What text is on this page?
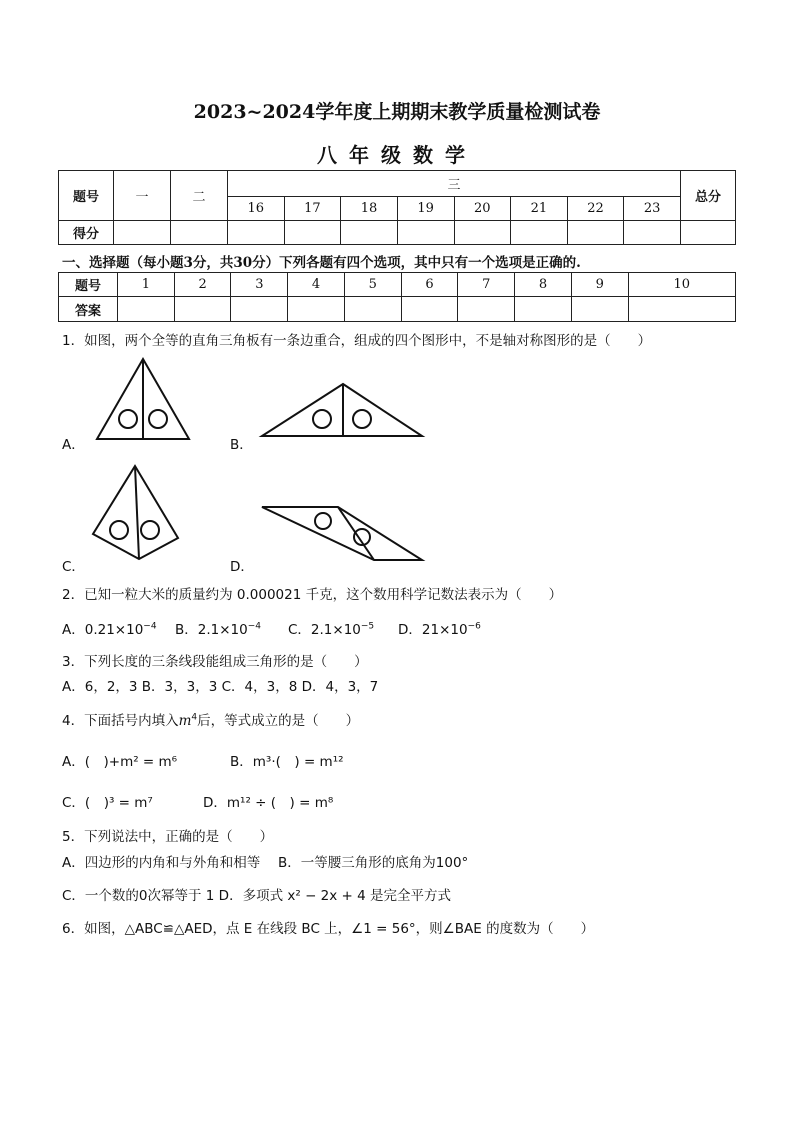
2023~2024学年度上期期末教学质量检测试卷
八年级数学
题号	一	二	三								总分
			16	17	18	19	20	21	22	23	
得分											
一、选择题（每小题3分，共30分）下列各题有四个选项，其中只有一个选项是正确的.
题号	1	2	3	4	5	6	7	8	9	10
答案										
1．如图，两个全等的直角三角板有一条边重合，组成的四个图形中，不是轴对称图形的是（　　）
A．	B．
C．	D．
2．已知一粒大米的质量约为 0.000021 千克，这个数用科学记数法表示为（　　）
A．$0.21\times 10^{-4}$ B．$2.1\times 10^{-4}$ C．$2.1\times 10^{-5}$ D．$21\times 10^{-6}$
3．下列长度的三条线段能组成三角形的是（　　）
A．6，2，3 B．3，3，3 C．4，3，8 D．4，3，7
4．下面括号内填入$m^4$后，等式成立的是（　　）
A．(　)+m² = m⁶	B．m³·(　) = m¹²
C．(　)³ = m⁷	D．m¹² ÷ (　) = m⁸
5．下列说法中，正确的是（　　）
A．四边形的内角和与外角和相等　 B．一等腰三角形的底角为100°
C．一个数的0次幂等于 1 D．多项式 x² − 2x + 4 是完全平方式
6．如图，△ABC≌△AED，点 E 在线段 BC 上，∠1 = 56°，则∠BAE 的度数为（　　）
